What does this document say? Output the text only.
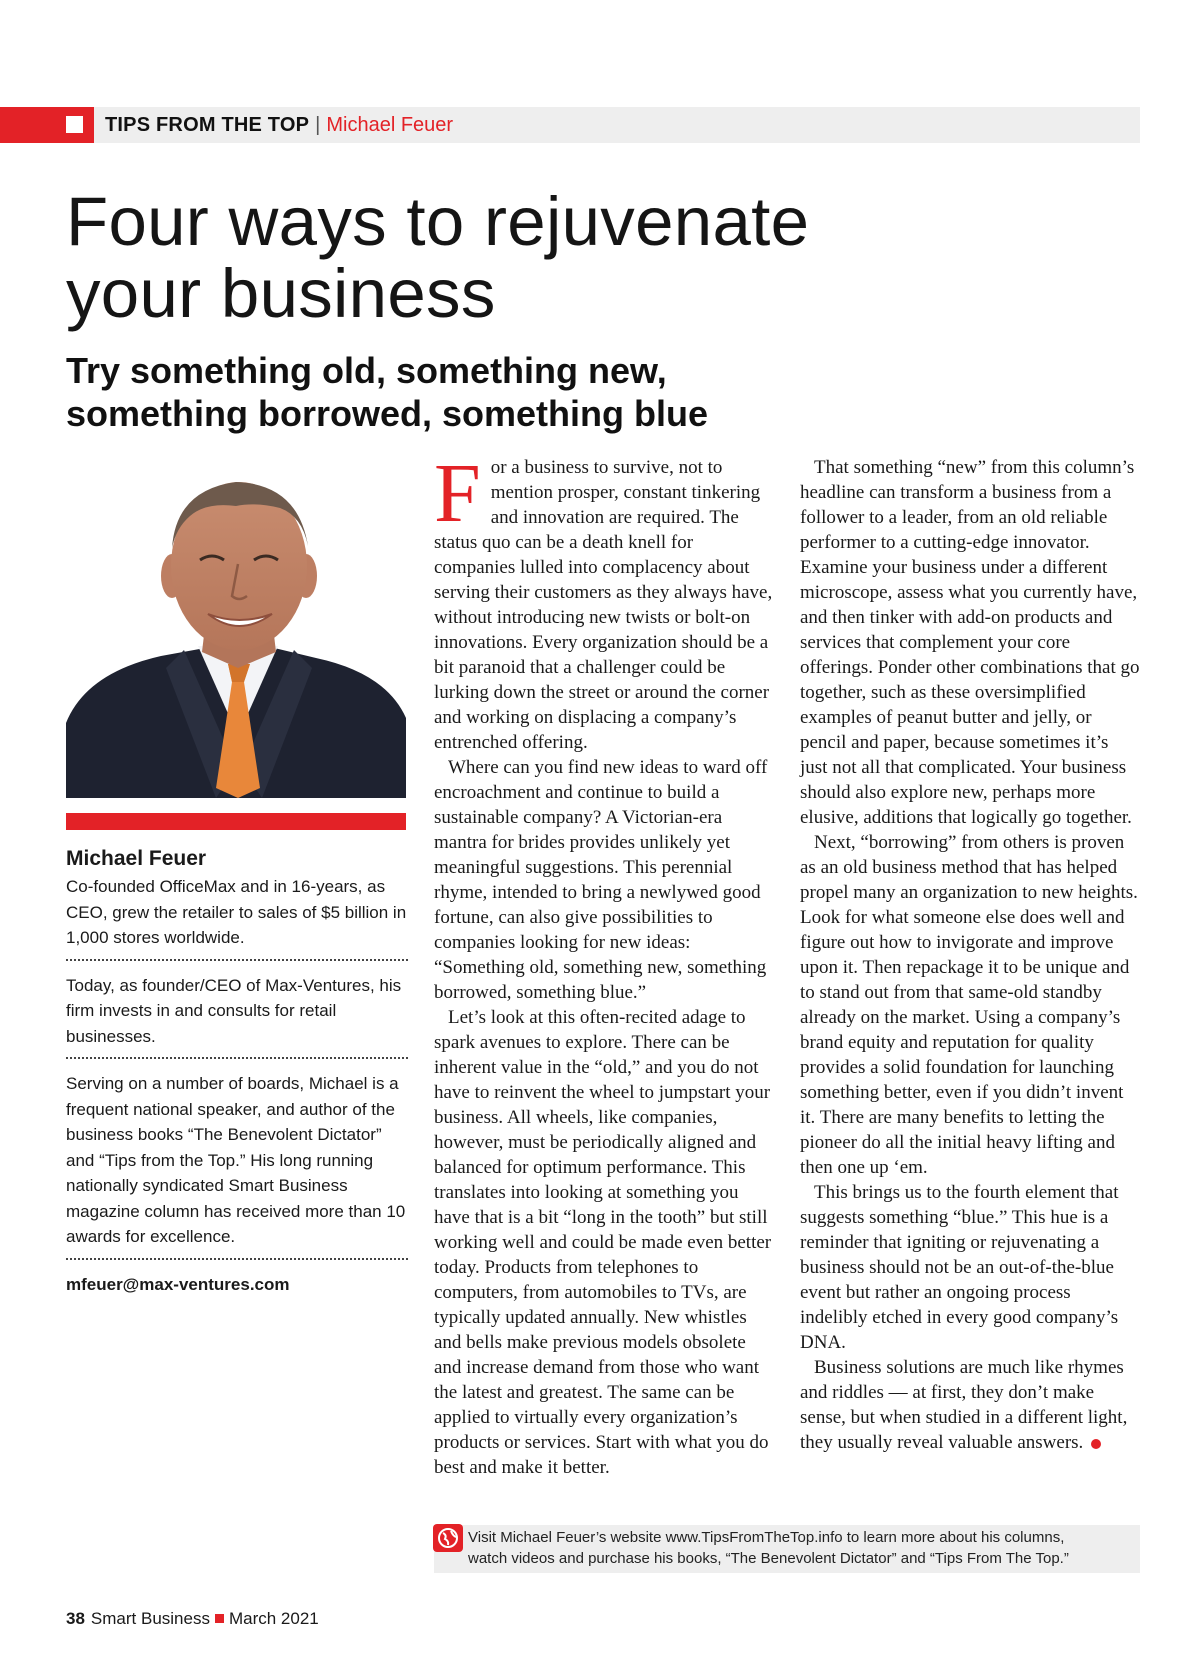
TIPS FROM THE TOP | Michael Feuer
Four ways to rejuvenate
your business
Try something old, something new,
something borrowed, something blue
Michael Feuer

Co-founded OfficeMax and in 16-years, as CEO, grew the retailer to sales of $5 billion in 1,000 stores worldwide.

Today, as founder/CEO of Max-Ventures, his firm invests in and consults for retail businesses.

Serving on a number of boards, Michael is a frequent national speaker, and author of the business books “The Benevolent Dictator” and “Tips from the Top.” His long running nationally syndicated Smart Business magazine column has received more than 10 awards for excellence.

mfeuer@max-ventures.com

For a business to survive, not to mention prosper, constant tinkering and innovation are required. The status quo can be a death knell for companies lulled into complacency about serving their customers as they always have, without introducing new twists or bolt-on innovations. Every organization should be a bit paranoid that a challenger could be lurking down the street or around the corner and working on displacing a company’s entrenched offering.

Where can you find new ideas to ward off encroachment and continue to build a sustainable company? A Victorian-era mantra for brides provides unlikely yet meaningful suggestions. This perennial rhyme, intended to bring a newlywed good fortune, can also give possibilities to companies looking for new ideas: “Something old, something new, something borrowed, something blue.”

Let’s look at this often-recited adage to spark avenues to explore. There can be inherent value in the “old,” and you do not have to reinvent the wheel to jumpstart your business. All wheels, like companies, however, must be periodically aligned and balanced for optimum performance. This translates into looking at something you have that is a bit “long in the tooth” but still working well and could be made even better today. Products from telephones to computers, from automobiles to TVs, are typically updated annually. New whistles and bells make previous models obsolete and increase demand from those who want the latest and greatest. The same can be applied to virtually every organization’s products or services. Start with what you do best and make it better.

That something “new” from this column’s headline can transform a business from a follower to a leader, from an old reliable performer to a cutting-edge innovator. Examine your business under a different microscope, assess what you currently have, and then tinker with add-on products and services that complement your core offerings. Ponder other combinations that go together, such as these oversimplified examples of peanut butter and jelly, or pencil and paper, because sometimes it’s just not all that complicated. Your business should also explore new, perhaps more elusive, additions that logically go together.

Next, “borrowing” from others is proven as an old business method that has helped propel many an organization to new heights. Look for what someone else does well and figure out how to invigorate and improve upon it. Then repackage it to be unique and to stand out from that same-old standby already on the market. Using a company’s brand equity and reputation for quality provides a solid foundation for launching something better, even if you didn’t invent it. There are many benefits to letting the pioneer do all the initial heavy lifting and then one up ‘em.

This brings us to the fourth element that suggests something “blue.” This hue is a reminder that igniting or rejuvenating a business should not be an out-of-the-blue event but rather an ongoing process indelibly etched in every good company’s DNA.

Business solutions are much like rhymes and riddles — at first, they don’t make sense, but when studied in a different light, they usually reveal valuable answers.

Visit Michael Feuer’s website www.TipsFromTheTop.info to learn more about his columns,
watch videos and purchase his books, “The Benevolent Dictator” and “Tips From The Top.”
38 Smart Business March 2021
